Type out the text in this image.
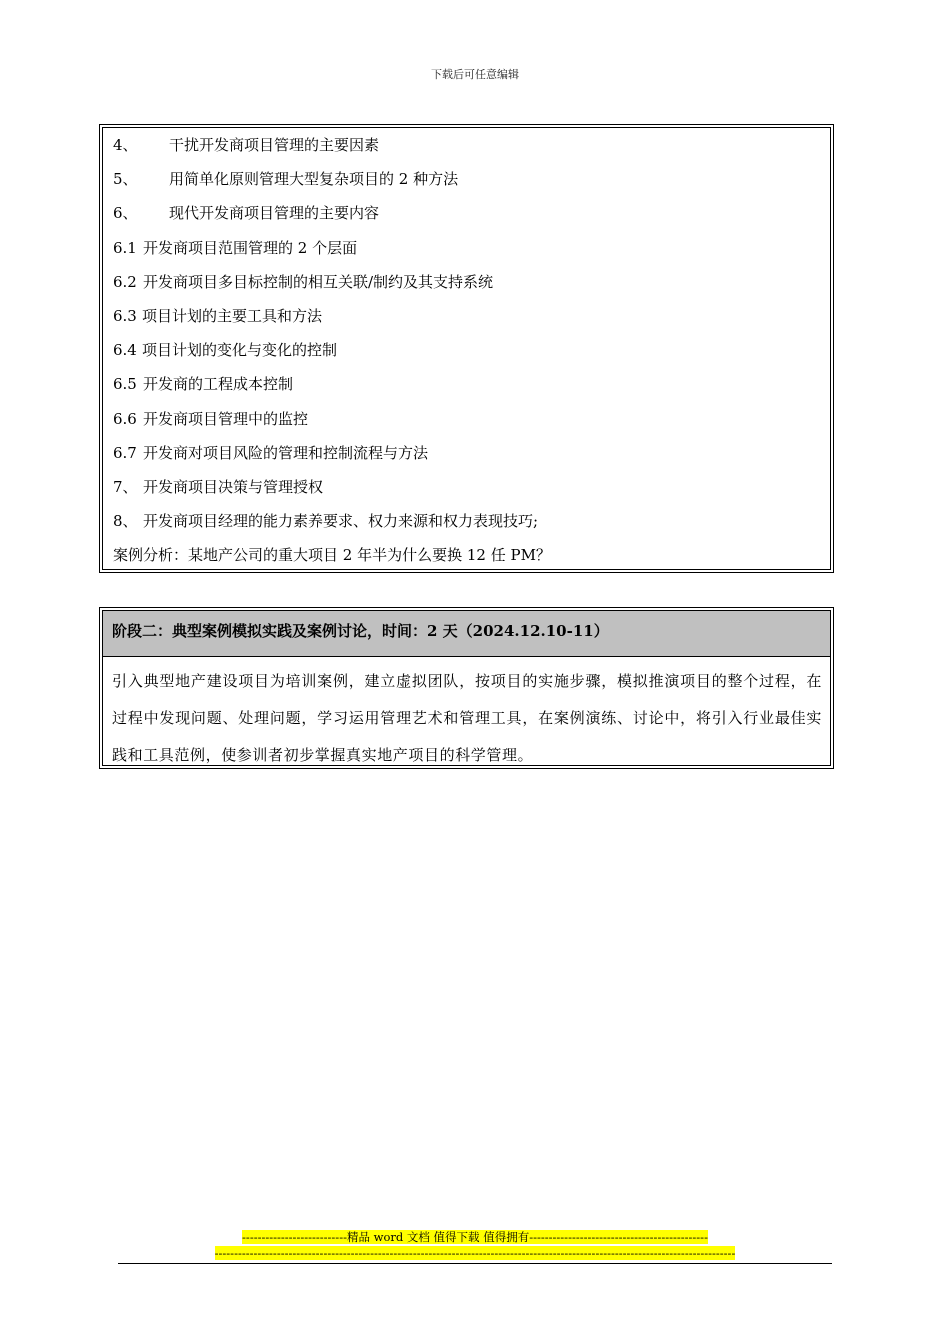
下载后可任意编辑
4、 干扰开发商项目管理的主要因素
5、 用简单化原则管理大型复杂项目的 2 种方法
6、 现代开发商项目管理的主要内容
6.1 开发商项目范围管理的 2 个层面
6.2 开发商项目多目标控制的相互关联/制约及其支持系统
6.3 项目计划的主要工具和方法
6.4 项目计划的变化与变化的控制
6.5 开发商的工程成本控制
6.6 开发商项目管理中的监控
6.7 开发商对项目风险的管理和控制流程与方法
7、 开发商项目决策与管理授权
8、 开发商项目经理的能力素养要求、权力来源和权力表现技巧;
案例分析：某地产公司的重大项目 2 年半为什么要换 12 任 PM？
阶段二：典型案例模拟实践及案例讨论，时间：2 天（2024.12.10-11）
引入典型地产建设项目为培训案例，建立虚拟团队，按项目的实施步骤，模拟推演项目的整个过程，在过程中发现问题、处理问题，学习运用管理艺术和管理工具，在案例演练、讨论中，将引入行业最佳实践和工具范例，使参训者初步掌握真实地产项目的科学管理。
---------------------------精品 word 文档 值得下载 值得拥有----------------------------------------------
--------------------------------------------------------------------------------------------------------------------------------------
